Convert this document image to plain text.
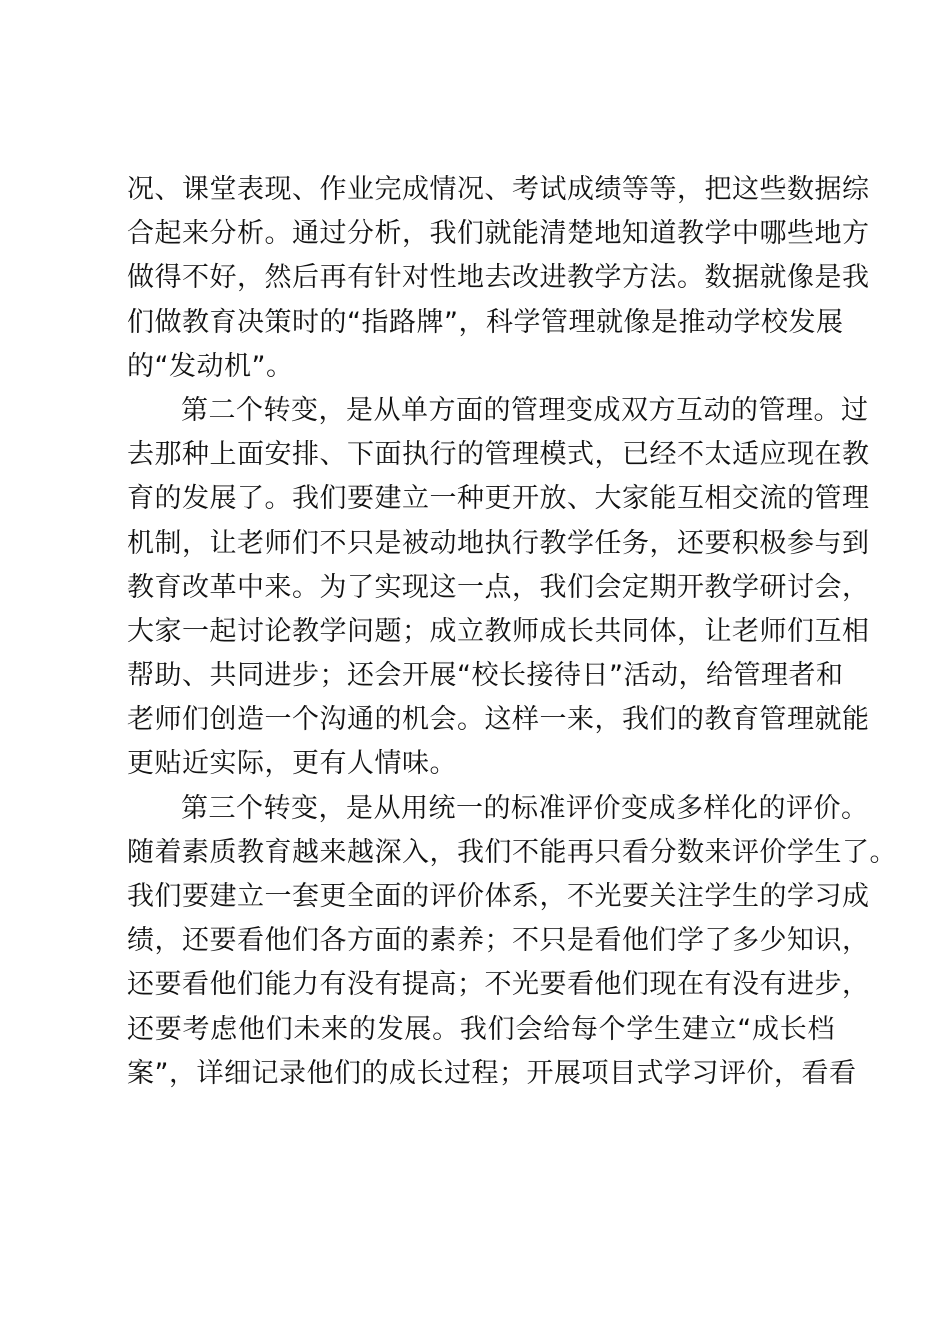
况、课堂表现、作业完成情况、考试成绩等等，把这些数据综
合起来分析。通过分析，我们就能清楚地知道教学中哪些地方
做得不好，然后再有针对性地去改进教学方法。数据就像是我
们做教育决策时的“指路牌”，科学管理就像是推动学校发展
的“发动机”。
第二个转变，是从单方面的管理变成双方互动的管理。过
去那种上面安排、下面执行的管理模式，已经不太适应现在教
育的发展了。我们要建立一种更开放、大家能互相交流的管理
机制，让老师们不只是被动地执行教学任务，还要积极参与到
教育改革中来。为了实现这一点，我们会定期开教学研讨会，
大家一起讨论教学问题；成立教师成长共同体，让老师们互相
帮助、共同进步；还会开展“校长接待日”活动，给管理者和
老师们创造一个沟通的机会。这样一来，我们的教育管理就能
更贴近实际，更有人情味。
第三个转变，是从用统一的标准评价变成多样化的评价。
随着素质教育越来越深入，我们不能再只看分数来评价学生了。
我们要建立一套更全面的评价体系，不光要关注学生的学习成
绩，还要看他们各方面的素养；不只是看他们学了多少知识，
还要看他们能力有没有提高；不光要看他们现在有没有进步，
还要考虑他们未来的发展。我们会给每个学生建立“成长档
案”，详细记录他们的成长过程；开展项目式学习评价，看看
